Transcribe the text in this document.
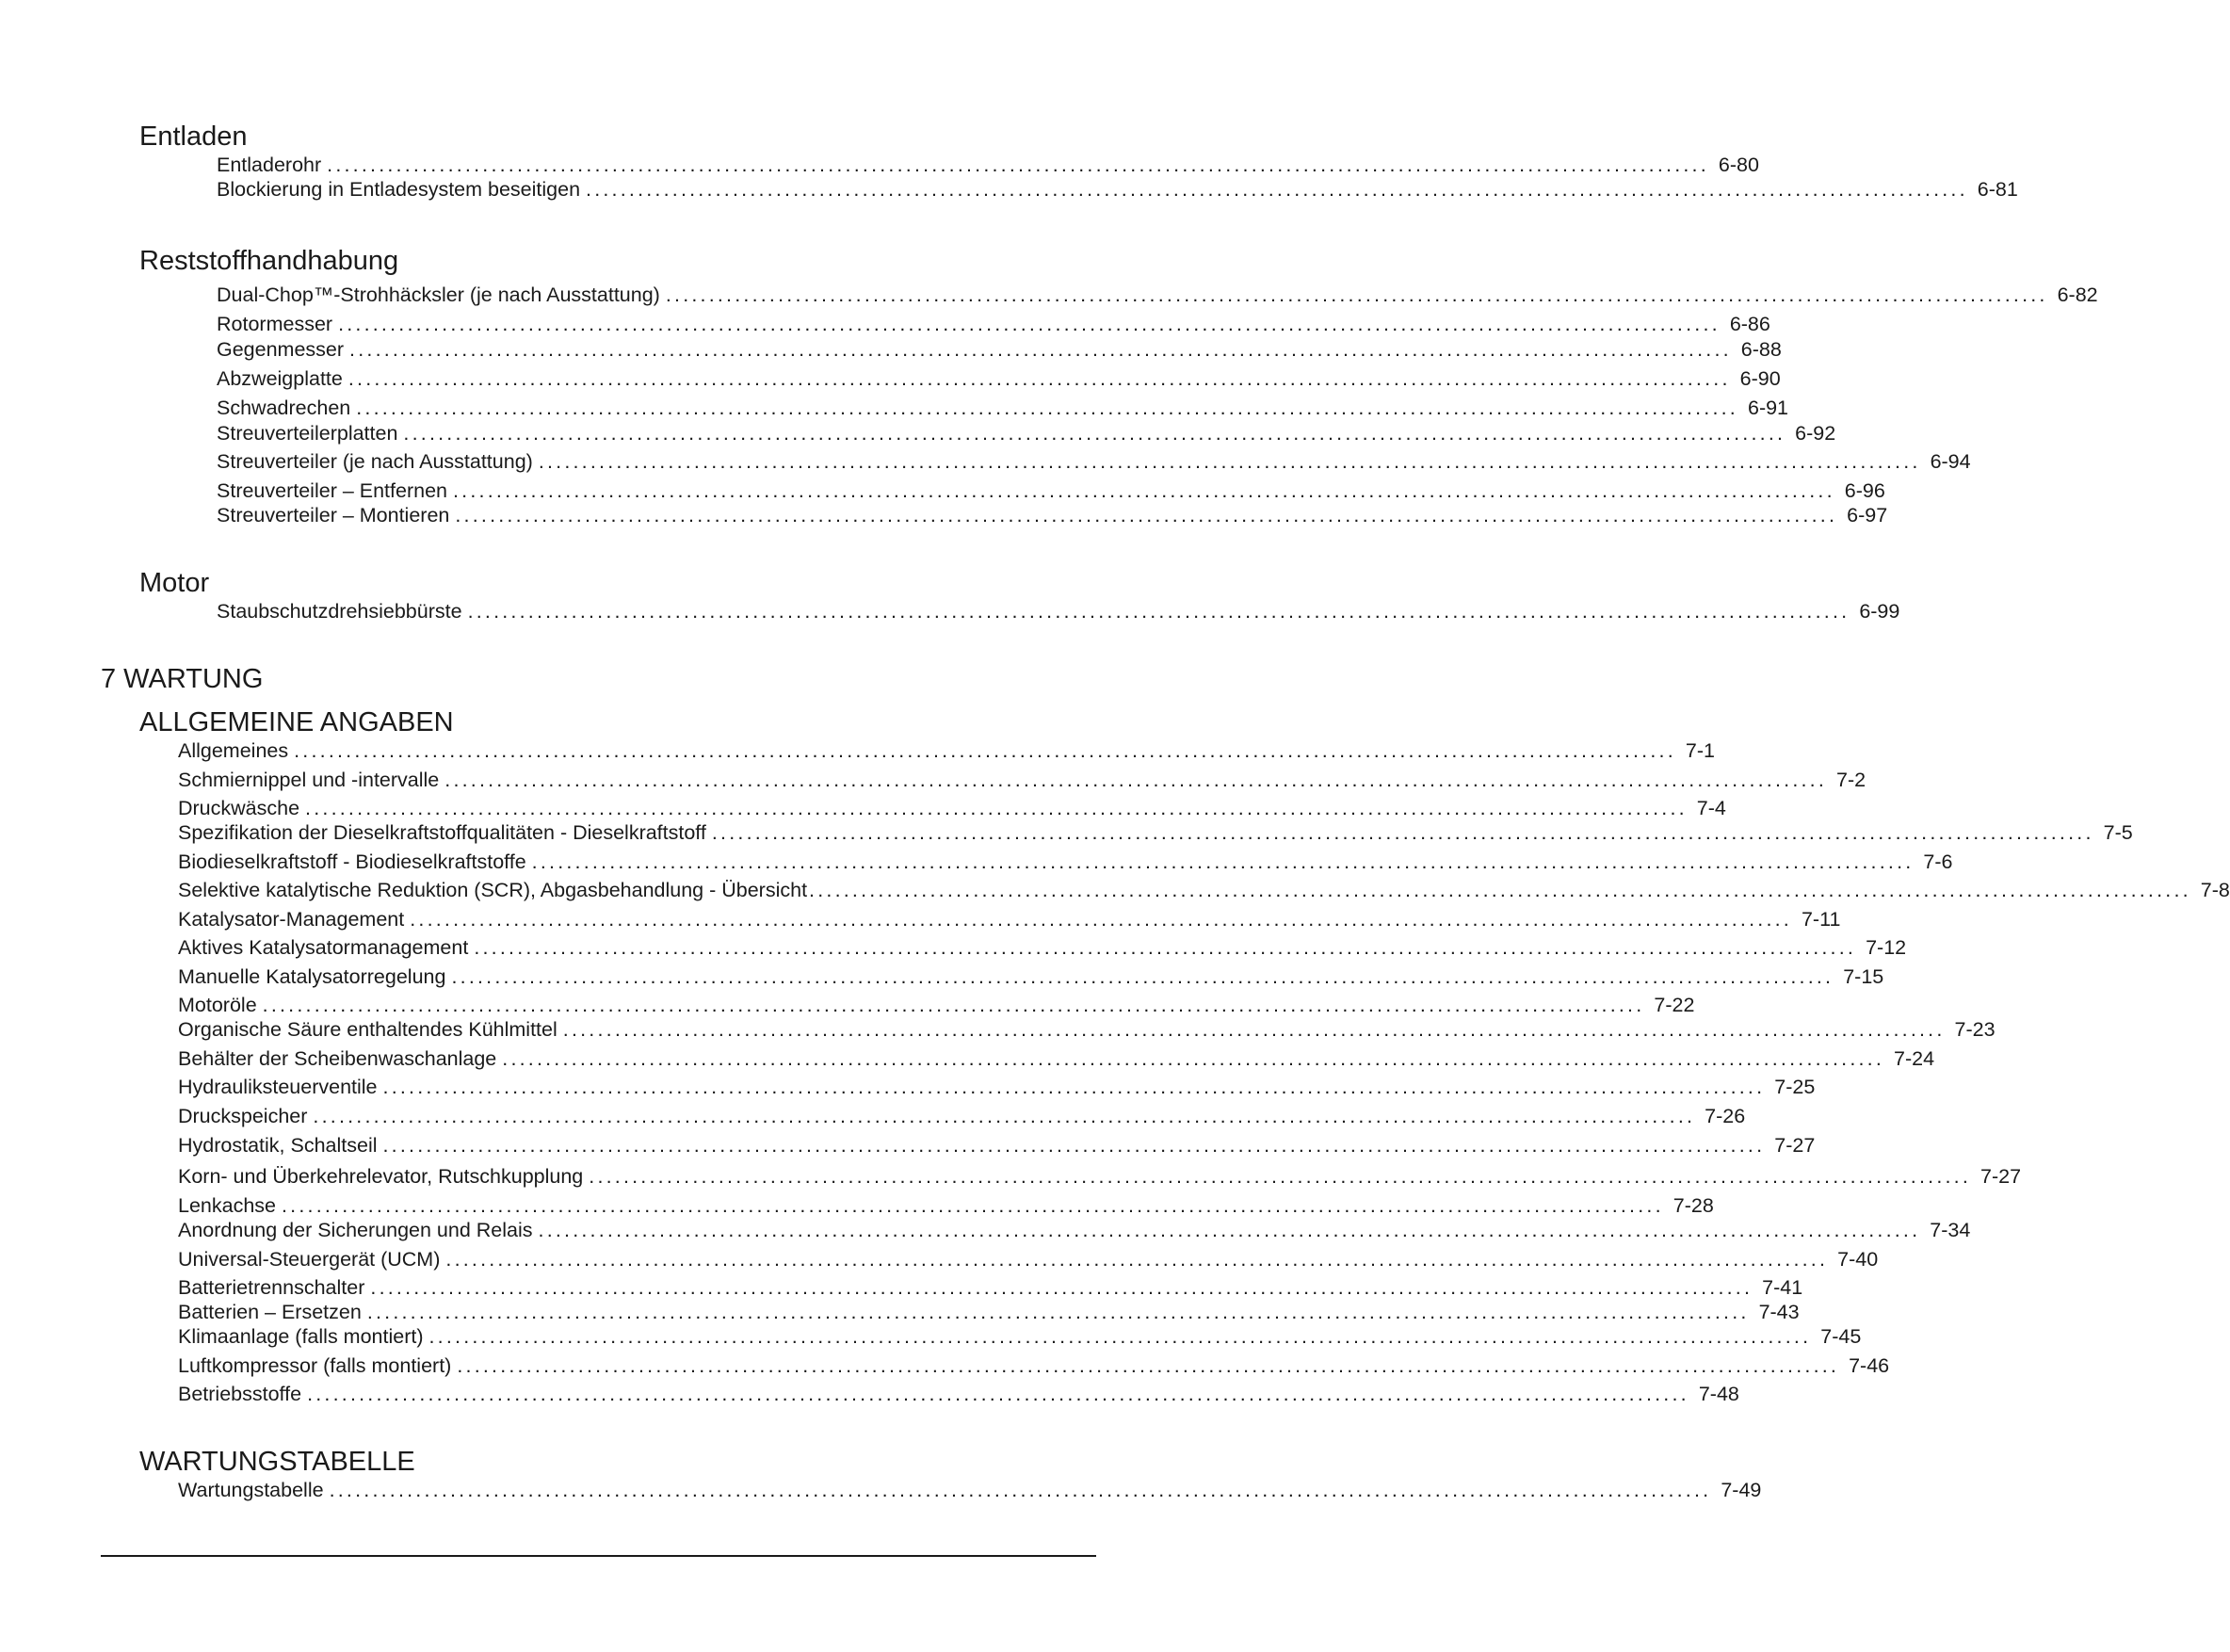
Entladen
Entladerohr ................................................................................................................................................................ 6-80
Blockierung in Entladesystem beseitigen ................................................................................................................................................................ 6-81
Reststoffhandhabung
Dual-Chop™-Strohhäcksler (je nach Ausstattung) ................................................................................................................................................................ 6-82
Rotormesser ................................................................................................................................................................ 6-86
Gegenmesser ................................................................................................................................................................ 6-88
Abzweigplatte ................................................................................................................................................................ 6-90
Schwadrechen ................................................................................................................................................................ 6-91
Streuverteilerplatten ................................................................................................................................................................ 6-92
Streuverteiler (je nach Ausstattung) ................................................................................................................................................................ 6-94
Streuverteiler – Entfernen ................................................................................................................................................................ 6-96
Streuverteiler – Montieren ................................................................................................................................................................ 6-97
Motor
Staubschutzdrehsiebbürste ................................................................................................................................................................ 6-99
7 WARTUNG
ALLGEMEINE ANGABEN
Allgemeines ................................................................................................................................................................ 7-1
Schmiernippel und -intervalle ................................................................................................................................................................ 7-2
Druckwäsche ................................................................................................................................................................ 7-4
Spezifikation der Dieselkraftstoffqualitäten - Dieselkraftstoff ................................................................................................................................................................ 7-5
Biodieselkraftstoff - Biodieselkraftstoffe ................................................................................................................................................................ 7-6
Selektive katalytische Reduktion (SCR), Abgasbehandlung - Übersicht ................................................................................................................................................................ 7-8
Katalysator-Management ................................................................................................................................................................ 7-11
Aktives Katalysatormanagement ................................................................................................................................................................ 7-12
Manuelle Katalysatorregelung ................................................................................................................................................................ 7-15
Motoröle ................................................................................................................................................................ 7-22
Organische Säure enthaltendes Kühlmittel ................................................................................................................................................................ 7-23
Behälter der Scheibenwaschanlage ................................................................................................................................................................ 7-24
Hydrauliksteuerventile ................................................................................................................................................................ 7-25
Druckspeicher ................................................................................................................................................................ 7-26
Hydrostatik, Schaltseil ................................................................................................................................................................ 7-27
Korn- und Überkehrelevator, Rutschkupplung ................................................................................................................................................................ 7-27
Lenkachse ................................................................................................................................................................ 7-28
Anordnung der Sicherungen und Relais ................................................................................................................................................................ 7-34
Universal-Steuergerät (UCM) ................................................................................................................................................................ 7-40
Batterietrennschalter ................................................................................................................................................................ 7-41
Batterien – Ersetzen ................................................................................................................................................................ 7-43
Klimaanlage (falls montiert) ................................................................................................................................................................ 7-45
Luftkompressor (falls montiert) ................................................................................................................................................................ 7-46
Betriebsstoffe ................................................................................................................................................................ 7-48
WARTUNGSTABELLE
Wartungstabelle ................................................................................................................................................................ 7-49
